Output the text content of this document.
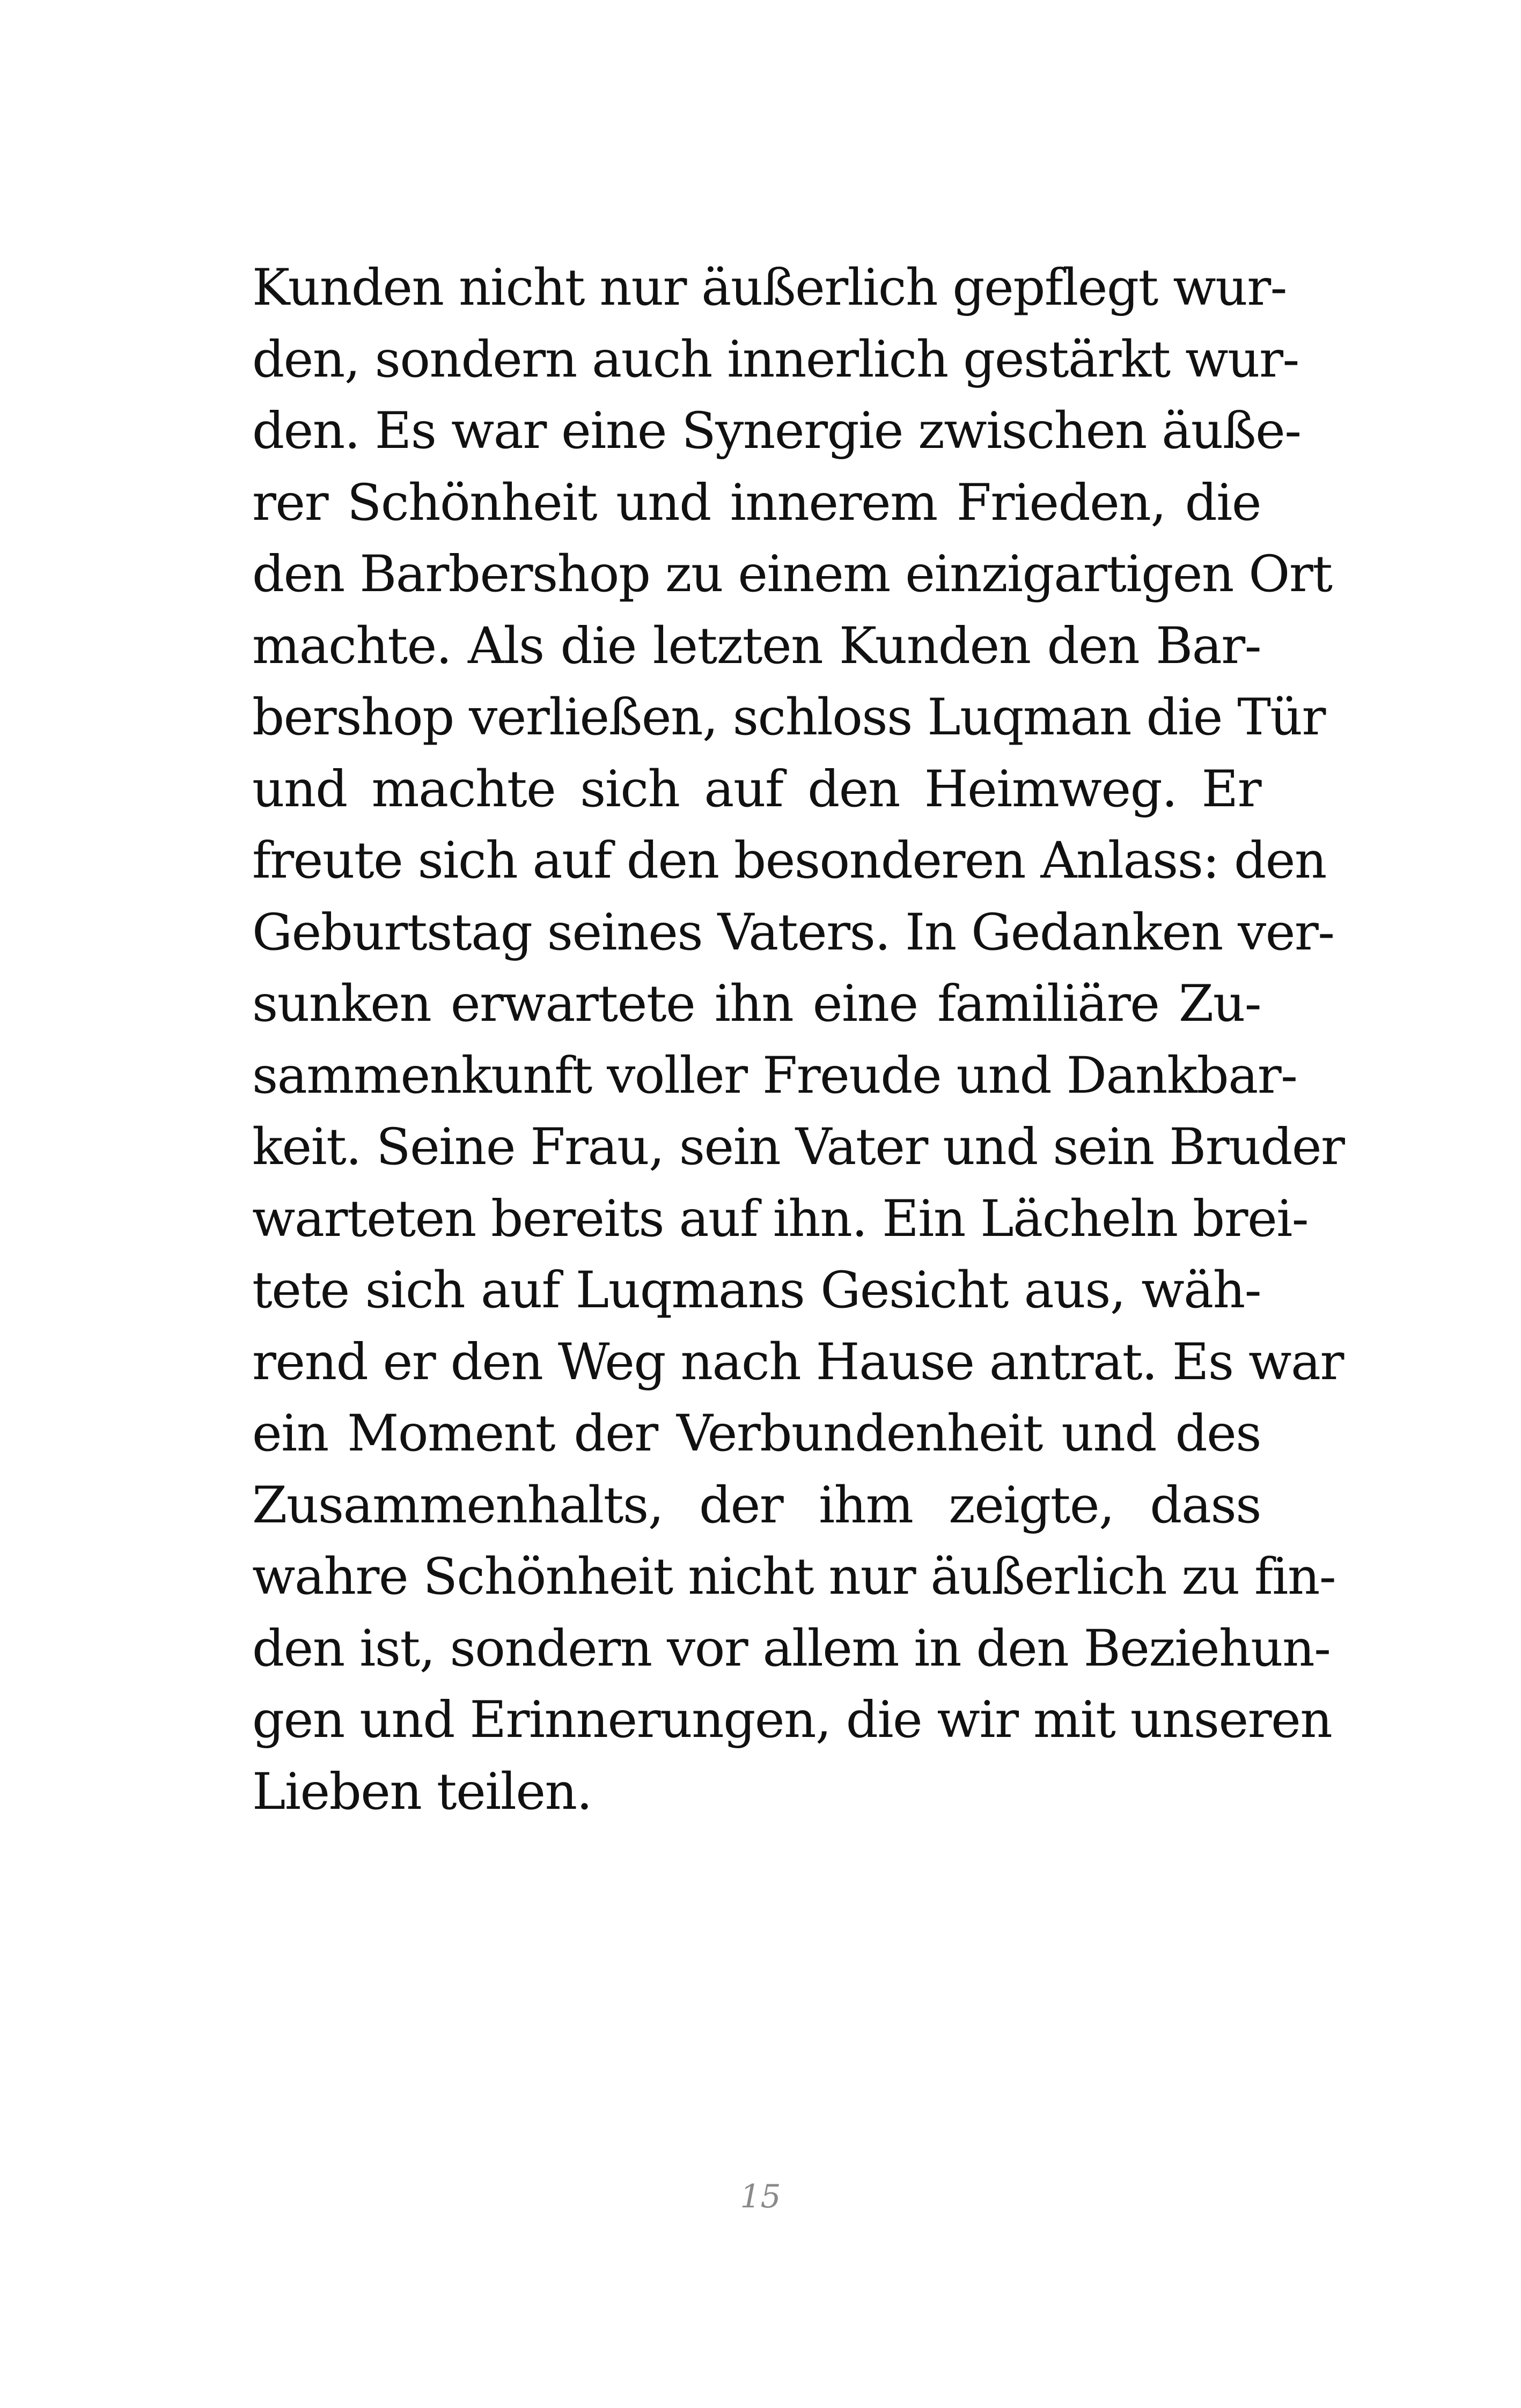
Kunden nicht nur äußerlich gepflegt wur-
den, sondern auch innerlich gestärkt wur-
den. Es war eine Synergie zwischen äuße-
rer Schönheit und innerem Frieden, die
den Barbershop zu einem einzigartigen Ort
machte. Als die letzten Kunden den Bar-
bershop verließen, schloss Luqman die Tür
und machte sich auf den Heimweg. Er
freute sich auf den besonderen Anlass: den
Geburtstag seines Vaters. In Gedanken ver-
sunken erwartete ihn eine familiäre Zu-
sammenkunft voller Freude und Dankbar-
keit. Seine Frau, sein Vater und sein Bruder
warteten bereits auf ihn. Ein Lächeln brei-
tete sich auf Luqmans Gesicht aus, wäh-
rend er den Weg nach Hause antrat. Es war
ein Moment der Verbundenheit und des
Zusammenhalts, der ihm zeigte, dass
wahre Schönheit nicht nur äußerlich zu fin-
den ist, sondern vor allem in den Beziehun-
gen und Erinnerungen, die wir mit unseren
Lieben teilen.
15
